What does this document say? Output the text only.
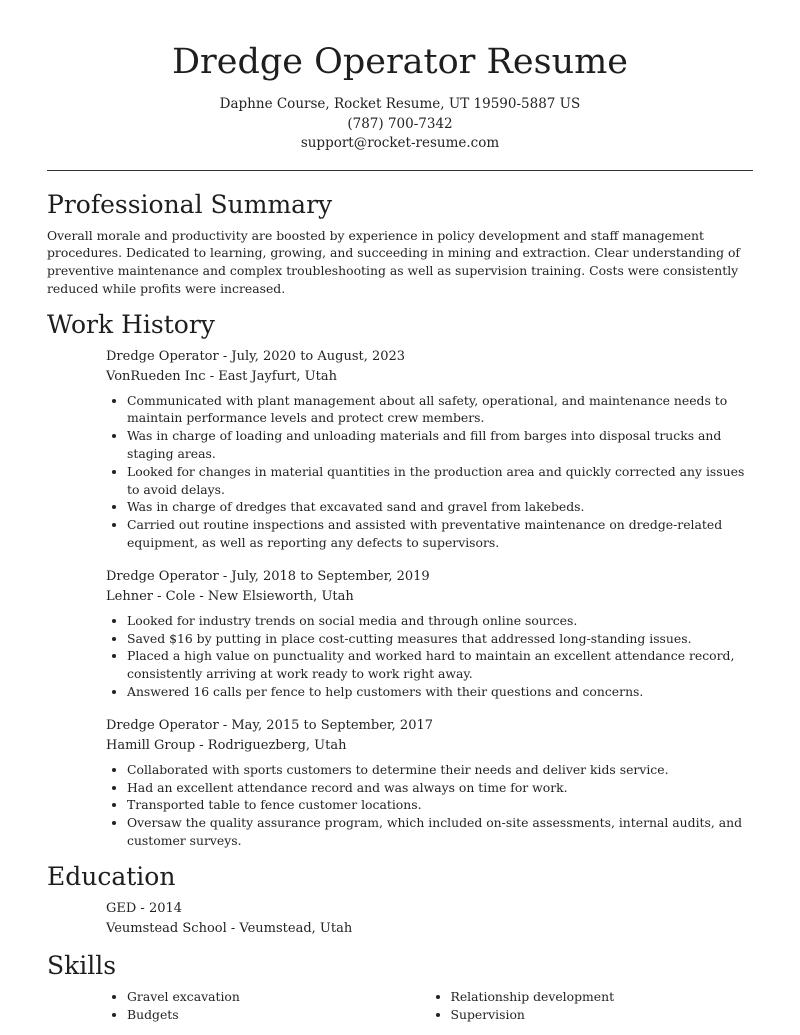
Dredge Operator Resume
Daphne Course, Rocket Resume, UT 19590-5887 US
(787) 700-7342
support@rocket-resume.com
Professional Summary

Overall morale and productivity are boosted by experience in policy development and staff management procedures. Dedicated to learning, growing, and succeeding in mining and extraction. Clear understanding of preventive maintenance and complex troubleshooting as well as supervision training. Costs were consistently reduced while profits were increased.

Work History
Dredge Operator - July, 2020 to August, 2023
VonRueden Inc - East Jayfurt, Utah
• Communicated with plant management about all safety, operational, and maintenance needs to maintain performance levels and protect crew members.
• Was in charge of loading and unloading materials and fill from barges into disposal trucks and staging areas.
• Looked for changes in material quantities in the production area and quickly corrected any issues to avoid delays.
• Was in charge of dredges that excavated sand and gravel from lakebeds.
• Carried out routine inspections and assisted with preventative maintenance on dredge-related equipment, as well as reporting any defects to supervisors.
Dredge Operator - July, 2018 to September, 2019
Lehner - Cole - New Elsieworth, Utah
• Looked for industry trends on social media and through online sources.
• Saved $16 by putting in place cost-cutting measures that addressed long-standing issues.
• Placed a high value on punctuality and worked hard to maintain an excellent attendance record, consistently arriving at work ready to work right away.
• Answered 16 calls per fence to help customers with their questions and concerns.
Dredge Operator - May, 2015 to September, 2017
Hamill Group - Rodriguezberg, Utah
• Collaborated with sports customers to determine their needs and deliver kids service.
• Had an excellent attendance record and was always on time for work.
• Transported table to fence customer locations.
• Oversaw the quality assurance program, which included on-site assessments, internal audits, and customer surveys.
Education
GED - 2014
Veumstead School - Veumstead, Utah
Skills
• Gravel excavation
• Budgets
• Relationship development
• Supervision
